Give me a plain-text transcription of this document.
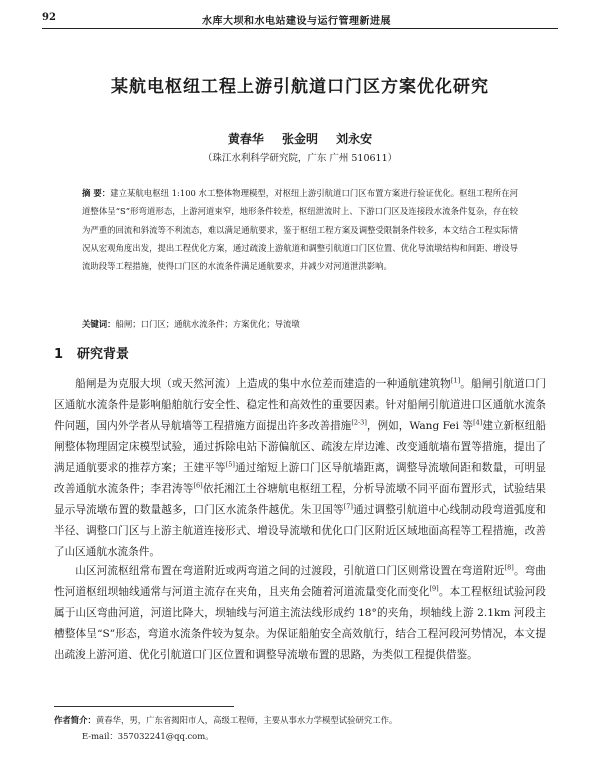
92	水库大坝和水电站建设与运行管理新进展
某航电枢纽工程上游引航道口门区方案优化研究
黄春华 张金明 刘永安
（珠江水利科学研究院，广东 广州 510611）
摘 要：建立某航电枢纽 1:100 水工整体物理模型，对枢纽上游引航道口门区布置方案进行验证优化。枢纽工程所在河道整体呈“S”形弯道形态，上游河道束窄，地形条件较差，枢纽泄流时上、下游口门区及连接段水流条件复杂，存在较为严重的回流和斜流等不利流态，难以满足通航要求，鉴于枢纽工程方案及调整受限制条件较多，本文结合工程实际情况从宏观角度出发，提出工程优化方案，通过疏浚上游航道和调整引航道口门区位置、优化导流墩结构和间距、增设导流助段等工程措施，使得口门区的水流条件满足通航要求，并减少对河道泄洪影响。
关键词：船闸；口门区；通航水流条件；方案优化；导流墩
1 研究背景

船闸是为克服大坝（或天然河流）上造成的集中水位差而建造的一种通航建筑物[1]。船闸引航道口门区通航水流条件是影响船舶航行安全性、稳定性和高效性的重要因素。针对船闸引航道进口区通航水流条件问题，国内外学者从导航墙等工程措施方面提出许多改善措施[2-3]，例如，Wang Fei 等[4]建立新枢纽船闸整体物理固定床模型试验，通过拆除电站下游偏航区、疏浚左岸边滩、改变通航墙布置等措施，提出了满足通航要求的推荐方案；王建平等[5]通过缩短上游口门区导航墙距离，调整导流墩间距和数量，可明显改善通航水流条件；李君涛等[6]依托湘江土谷塘航电枢纽工程，分析导流墩不同平面布置形式，试验结果显示导流墩布置的数量越多，口门区水流条件越优。朱卫国等[7]通过调整引航道中心线制动段弯道弧度和半径、调整口门区与上游主航道连接形式、增设导流墩和优化口门区附近区域地面高程等工程措施，改善了山区通航水流条件。

山区河流枢纽常布置在弯道附近或两弯道之间的过渡段，引航道口门区则常设置在弯道附近[8]。弯曲性河道枢纽坝轴线通常与河道主流存在夹角，且夹角会随着河道流量变化而变化[9]。本工程枢纽试验河段属于山区弯曲河道，河道比降大，坝轴线与河道主流法线形成约 18°的夹角，坝轴线上游 2.1km 河段主槽整体呈“S”形态，弯道水流条件较为复杂。为保证船舶安全高效航行，结合工程河段河势情况，本文提出疏浚上游河道、优化引航道口门区位置和调整导流墩布置的思路，为类似工程提供借鉴。

作者简介：黄春华，男，广东省揭阳市人，高级工程师，主要从事水力学模型试验研究工作。
E-mail：357032241@qq.com。
